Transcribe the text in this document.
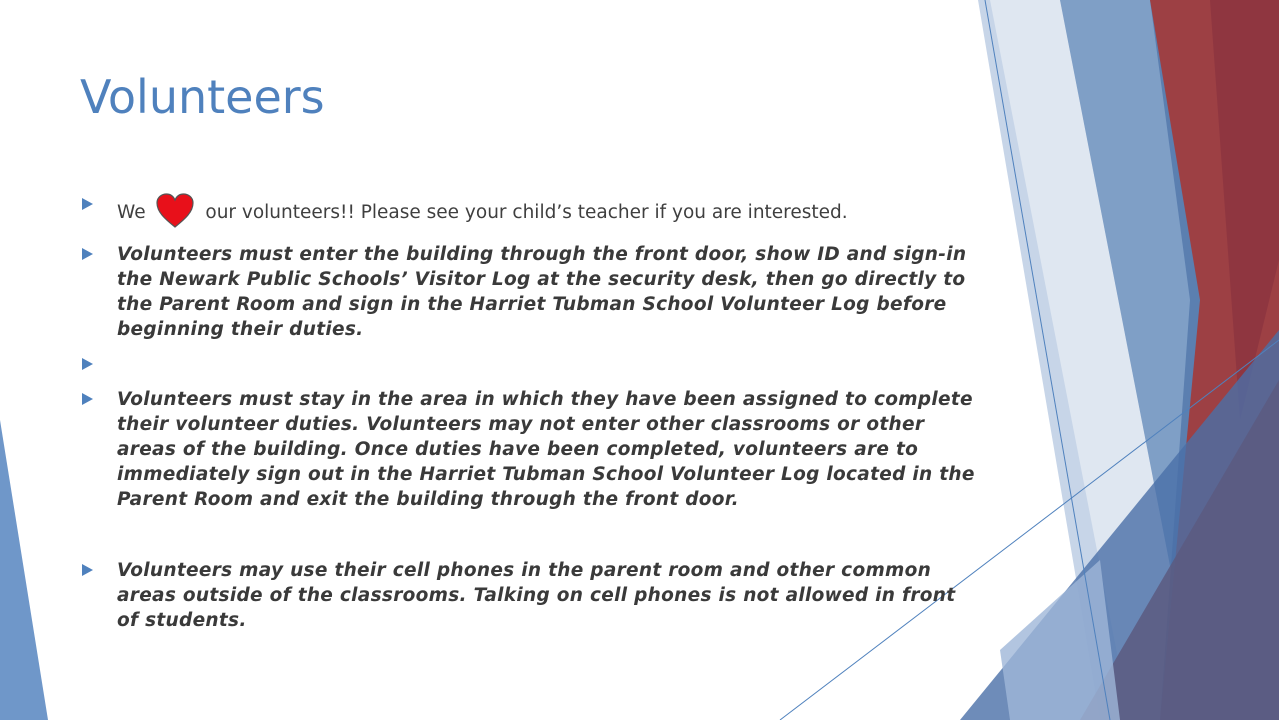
Volunteers
We	our volunteers!! Please see your child’s teacher if you are interested.
Volunteers must enter the building through the front door, show ID and sign-in the Newark Public Schools’ Visitor Log at the security desk, then go directly to the Parent Room and sign in the Harriet Tubman School Volunteer Log before beginning their duties.
Volunteers must stay in the area in which they have been assigned to complete their volunteer duties. Volunteers may not enter other classrooms or other areas of the building. Once duties have been completed, volunteers are to immediately sign out in the Harriet Tubman School Volunteer Log located in the Parent Room and exit the building through the front door.
Volunteers may use their cell phones in the parent room and other common areas outside of the classrooms. Talking on cell phones is not allowed in front of students.
